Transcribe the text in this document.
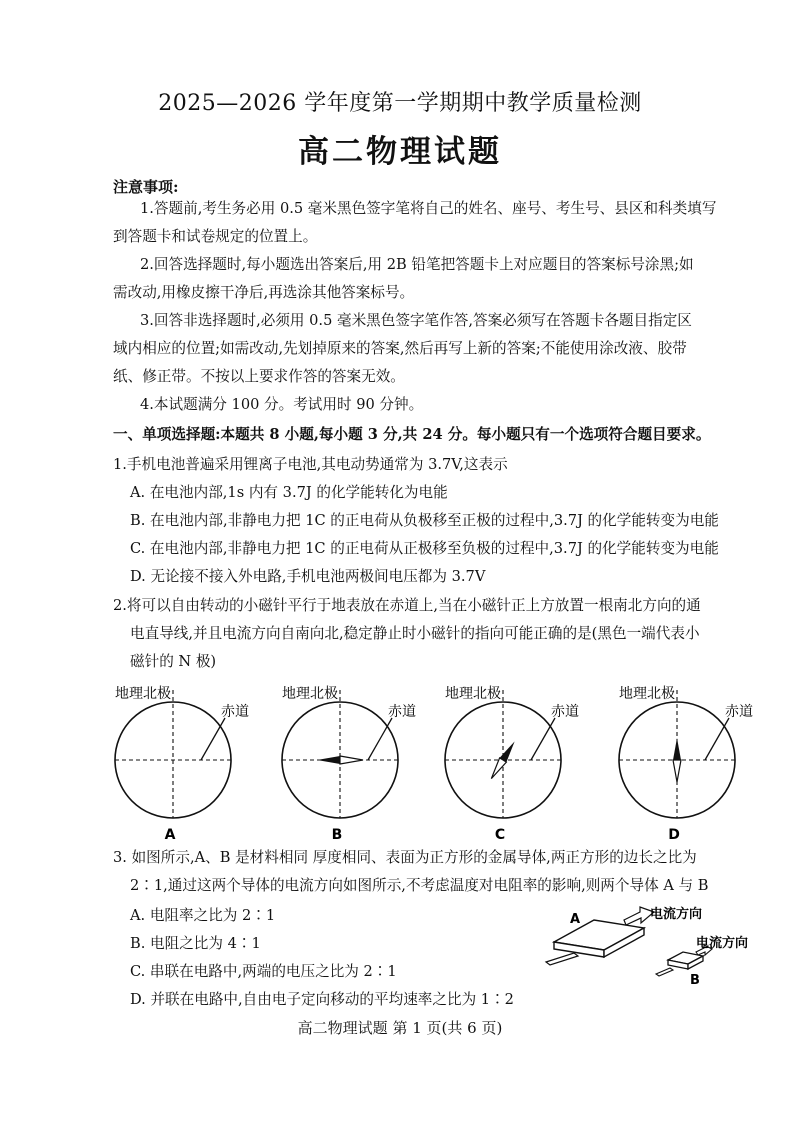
2025—2026 学年度第一学期期中教学质量检测
高二物理试题
注意事项:
1.答题前,考生务必用 0.5 毫米黑色签字笔将自己的姓名、座号、考生号、县区和科类填写
到答题卡和试卷规定的位置上。
2.回答选择题时,每小题选出答案后,用 2B 铅笔把答题卡上对应题目的答案标号涂黑;如
需改动,用橡皮擦干净后,再选涂其他答案标号。
3.回答非选择题时,必须用 0.5 毫米黑色签字笔作答,答案必须写在答题卡各题目指定区
域内相应的位置;如需改动,先划掉原来的答案,然后再写上新的答案;不能使用涂改液、胶带
纸、修正带。不按以上要求作答的答案无效。
4.本试题满分 100 分。考试用时 90 分钟。
一、单项选择题:本题共 8 小题,每小题 3 分,共 24 分。每小题只有一个选项符合题目要求。
1.手机电池普遍采用锂离子电池,其电动势通常为 3.7V,这表示
A. 在电池内部,1s 内有 3.7J 的化学能转化为电能
B. 在电池内部,非静电力把 1C 的正电荷从负极移至正极的过程中,3.7J 的化学能转变为电能
C. 在电池内部,非静电力把 1C 的正电荷从正极移至负极的过程中,3.7J 的化学能转变为电能
D. 无论接不接入外电路,手机电池两极间电压都为 3.7V
2.将可以自由转动的小磁针平行于地表放在赤道上,当在小磁针正上方放置一根南北方向的通
电直导线,并且电流方向自南向北,稳定静止时小磁针的指向可能正确的是(黑色一端代表小
磁针的 N 极)
地理北极
赤道
A
地理北极
赤道
B
地理北极
赤道
C
地理北极
赤道
D
3. 如图所示,A、B 是材料相同 厚度相同、表面为正方形的金属导体,两正方形的边长之比为
2∶1,通过这两个导体的电流方向如图所示,不考虑温度对电阻率的影响,则两个导体 A 与 B
A. 电阻率之比为 2∶1
B. 电阻之比为 4∶1
C. 串联在电路中,两端的电压之比为 2∶1
D. 并联在电路中,自由电子定向移动的平均速率之比为 1∶2
A	电流方向
B
电流方向
高二物理试题 第 1 页(共 6 页)
